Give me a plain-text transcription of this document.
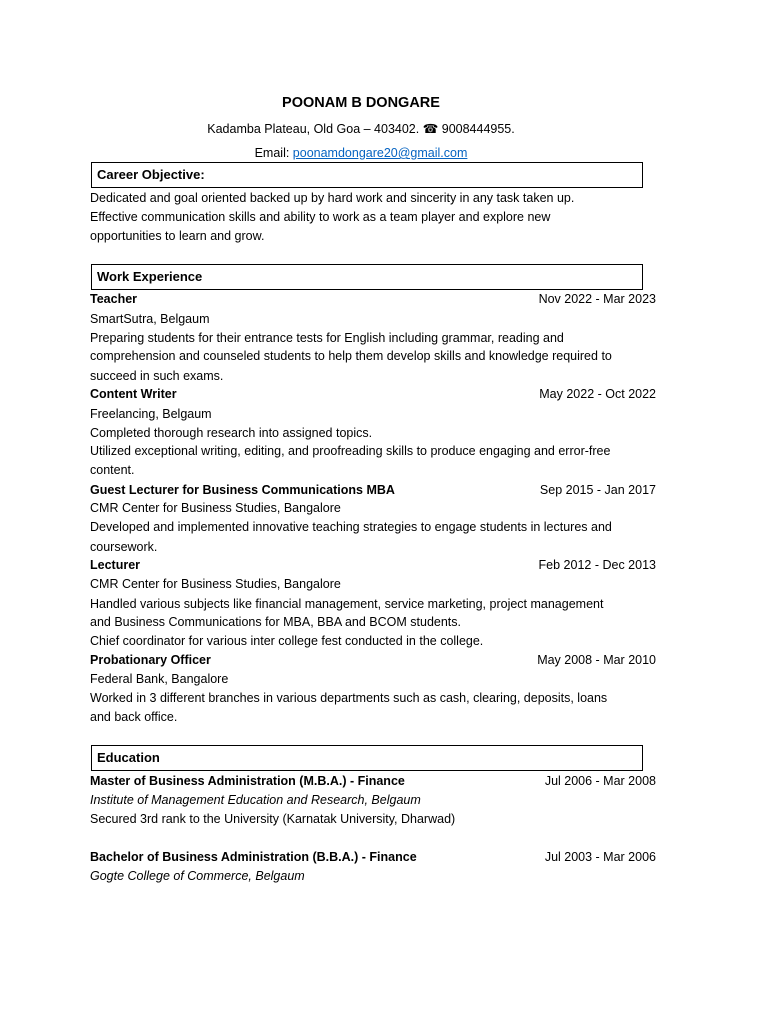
POONAM B DONGARE
Kadamba Plateau, Old Goa – 403402. ☎ 9008444955.
Email: poonamdongare20@gmail.com
Career Objective:
Dedicated and goal oriented backed up by hard work and sincerity in any task taken up.
Effective communication skills and ability to work as a team player and explore new
opportunities to learn and grow.
Work Experience
Teacher	Nov 2022 - Mar 2023
SmartSutra, Belgaum
Preparing students for their entrance tests for English including grammar, reading and
comprehension and counseled students to help them develop skills and knowledge required to
succeed in such exams.
Content Writer	May 2022 - Oct 2022
Freelancing, Belgaum
Completed thorough research into assigned topics.
Utilized exceptional writing, editing, and proofreading skills to produce engaging and error-free
content.
Guest Lecturer for Business Communications MBA	Sep 2015 - Jan 2017
CMR Center for Business Studies, Bangalore
Developed and implemented innovative teaching strategies to engage students in lectures and
coursework.
Lecturer	Feb 2012 - Dec 2013
CMR Center for Business Studies, Bangalore
Handled various subjects like financial management, service marketing, project management
and Business Communications for MBA, BBA and BCOM students.
Chief coordinator for various inter college fest conducted in the college.
Probationary Officer	May 2008 - Mar 2010
Federal Bank, Bangalore
Worked in 3 different branches in various departments such as cash, clearing, deposits, loans
and back office.
Education
Master of Business Administration (M.B.A.) - Finance	Jul 2006 - Mar 2008
Institute of Management Education and Research, Belgaum
Secured 3rd rank to the University (Karnatak University, Dharwad)
Bachelor of Business Administration (B.B.A.) - Finance	Jul 2003 - Mar 2006
Gogte College of Commerce, Belgaum
